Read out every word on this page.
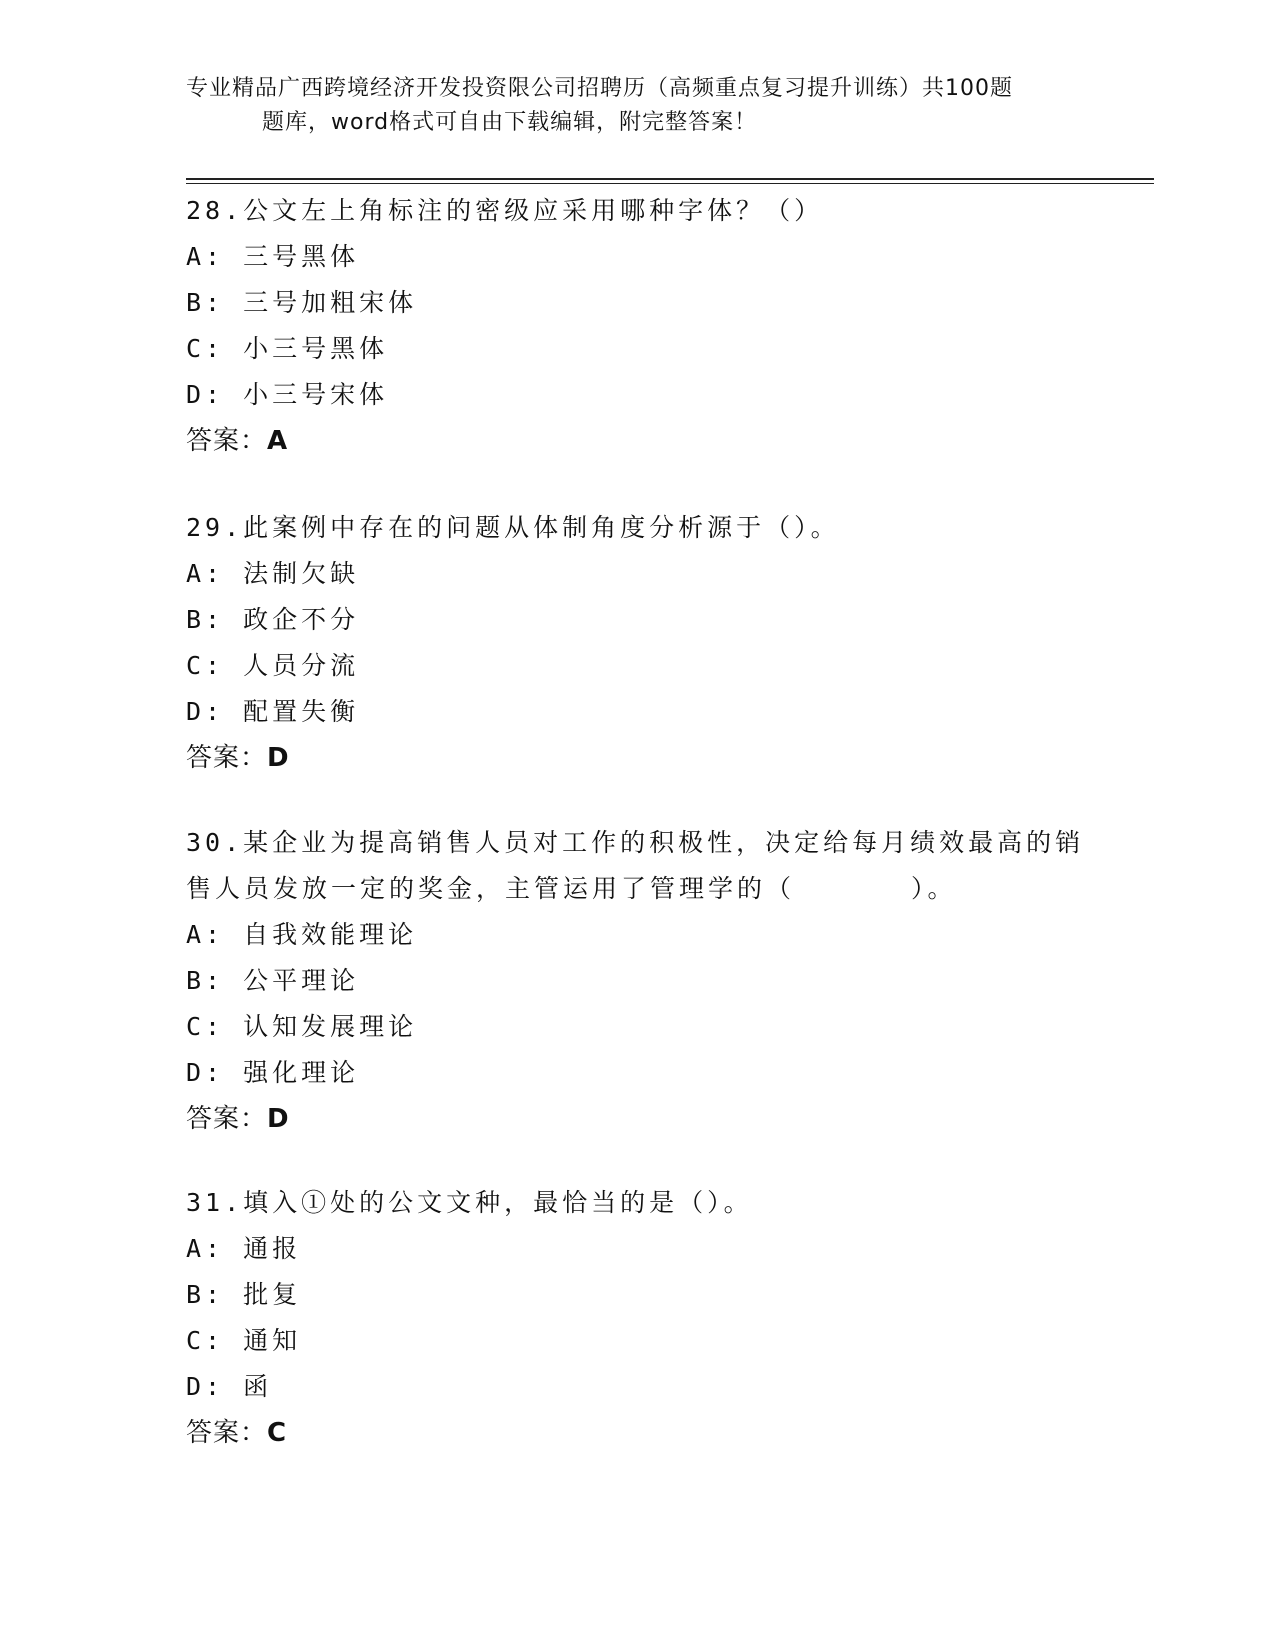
专业精品广西跨境经济开发投资限公司招聘历（高频重点复习提升训练）共100题
题库，word格式可自由下载编辑，附完整答案！
28.公文左上角标注的密级应采用哪种字体？（）
A: 三号黑体
B: 三号加粗宋体
C: 小三号黑体
D: 小三号宋体
答案：A
29.此案例中存在的问题从体制角度分析源于（）。
A: 法制欠缺
B: 政企不分
C: 人员分流
D: 配置失衡
答案：D
30.某企业为提高销售人员对工作的积极性，决定给每月绩效最高的销
售人员发放一定的奖金，主管运用了管理学的（　　　　）。
A: 自我效能理论
B: 公平理论
C: 认知发展理论
D: 强化理论
答案：D
31.填入①处的公文文种，最恰当的是（）。
A: 通报
B: 批复
C: 通知
D: 函
答案：C
